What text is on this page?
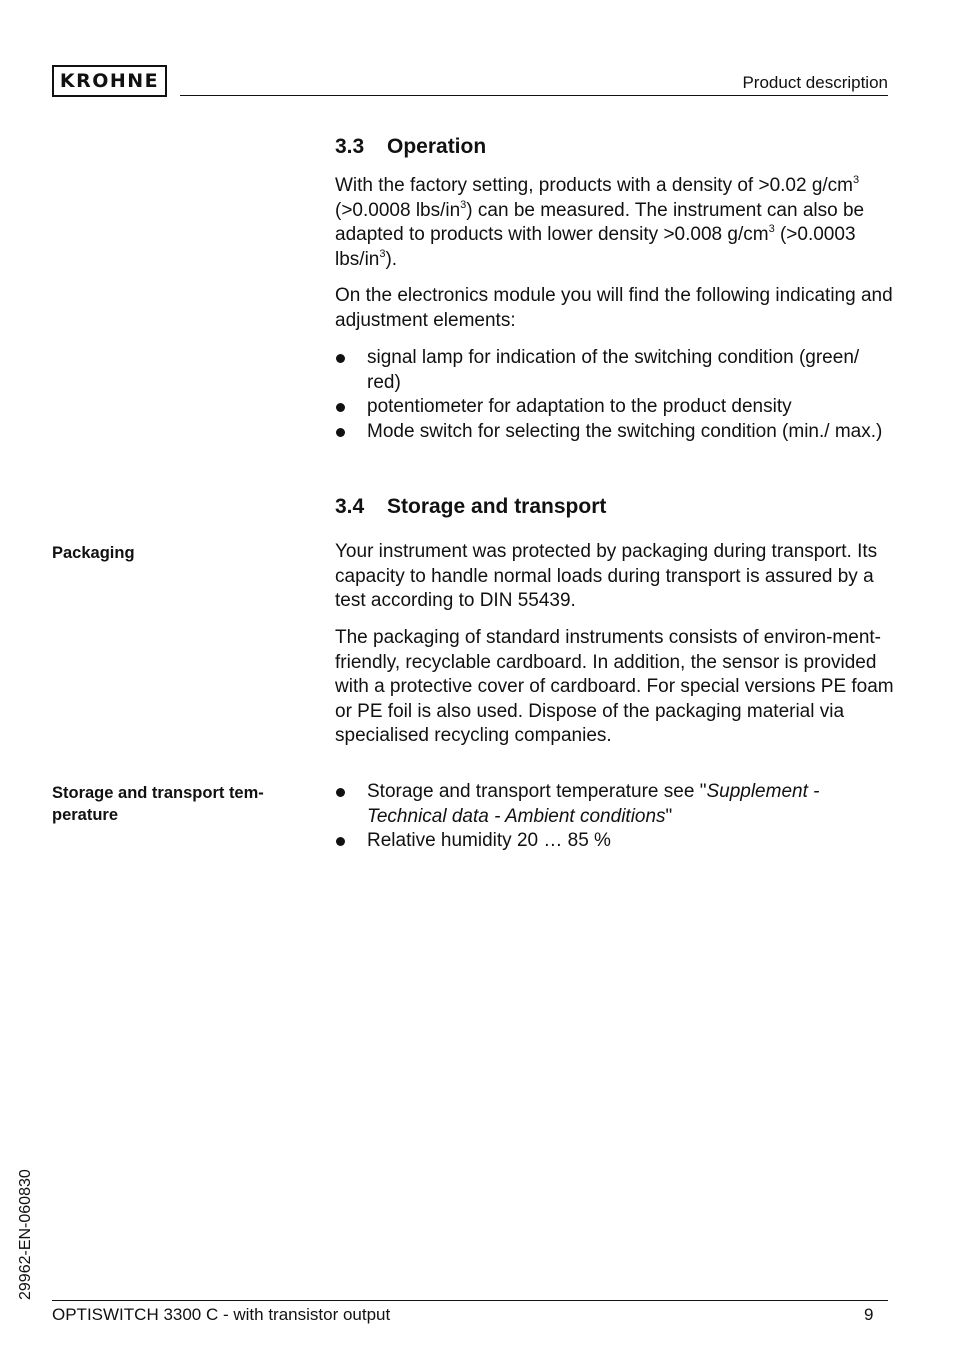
KROHNE	Product description
3.3 Operation

With the factory setting, products with a density of >0.02 $g/cm^3$ (>0.0008 lbs/$in^3$) can be measured. The instrument can also be adapted to products with lower density >0.008 $g/cm^3$ (>0.0003 lbs/$in^3$).

On the electronics module you will find the following indicating and adjustment elements:

signal lamp for indication of the switching condition (green/ red)
potentiometer for adaptation to the product density
Mode switch for selecting the switching condition (min./ max.)
3.4 Storage and transport
Packaging	Your instrument was protected by packaging during transport. Its capacity to handle normal loads during transport is assured by a test according to DIN 55439.

The packaging of standard instruments consists of environ-ment-friendly, recyclable cardboard. In addition, the sensor is provided with a protective cover of cardboard. For special versions PE foam or PE foil is also used. Dispose of the packaging material via specialised recycling companies.

Storage and transport tem-perature
Storage and transport temperature see "Supplement - Technical data - Ambient conditions"
Relative humidity 20 … 85 %
29962-EN-060830
OPTISWITCH 3300 C - with transistor output	9
